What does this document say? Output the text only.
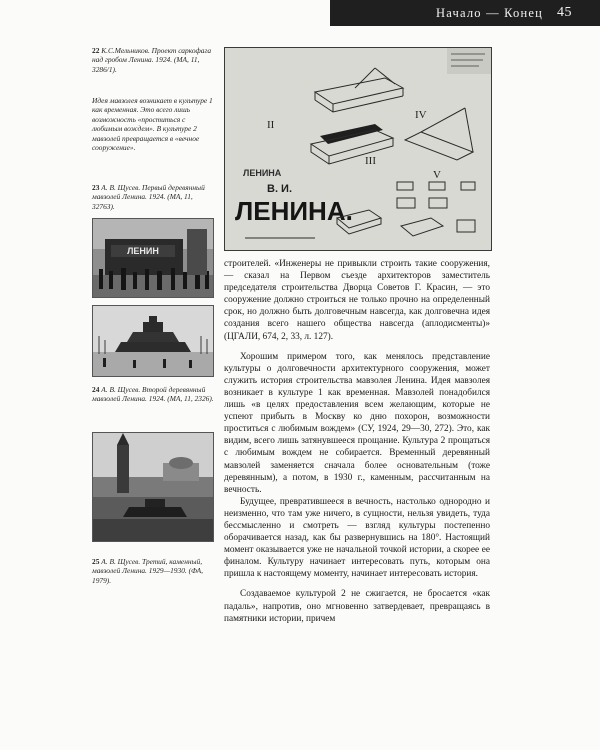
Начало — Конец 45
22 К.С.Мельников. Проект саркофага над гробом Ленина. 1924. (МА, 11, 3286/1).
Идея мавзолея возникает в культуре 1 как временная. Это всего лишь возможность «проститься с любимым вождем». В культуре 2 мавзолей превращается в «вечное сооружение».
23 А. В. Щусев. Первый деревянный мавзолей Ленина. 1924. (МА, 11, 3276З).
ЛЕНИН
24 А. В. Щусев. Второй деревянный мавзолей Ленина. 1924. (МА, 11, 2326).
25 А. В. Щусев. Третий, каменный, мавзолей Ленина. 1929—1930. (ФА, 1979).
II
III
IV
V
ЛЕНИНА
В. И.
ЛЕНИНА.

строителей. «Инженеры не привыкли строить такие сооружения, — сказал на Первом съезде архитекторов заместитель председателя строительства Дворца Советов Г. Красин, — это сооружение должно строиться не только прочно на определенный срок, но должно быть долговечным навсегда, как долговечна идея создания всего нашего общества навсегда (аплодисменты)» (ЦГАЛИ, 674, 2, 33, л. 127).

Хорошим примером того, как менялось представление культуры о долговечности архитектурного сооружения, может служить история строительства мавзолея Ленина. Идея мавзолея возникает в культуре 1 как временная. Мавзолей понадобился лишь «в целях предоставления всем желающим, которые не успеют прибыть в Москву ко дню похорон, возможности проститься с любимым вождем» (СУ, 1924, 29—30, 272). Это, как видим, всего лишь затянувшееся прощание. Культура 2 прощаться с любимым вождем не собирается. Временный деревянный мавзолей заменяется сначала более основательным (тоже деревянным), а потом, в 1930 г., каменным, рассчитанным на вечность.

Будущее, превратившееся в вечность, настолько однородно и неизменно, что там уже ничего, в сущности, нельзя увидеть, туда бессмысленно и смотреть — взгляд культуры постепенно оборачивается назад, как бы развернувшись на 180°. Настоящий момент оказывается уже не начальной точкой истории, а скорее ее финалом. Культуру начинает интересовать путь, которым она пришла к настоящему моменту, начинает интересовать история.

Создаваемое культурой 2 не сжигается, не бросается «как падаль», напротив, оно мгновенно затвердевает, превращаясь в памятники истории, причем
